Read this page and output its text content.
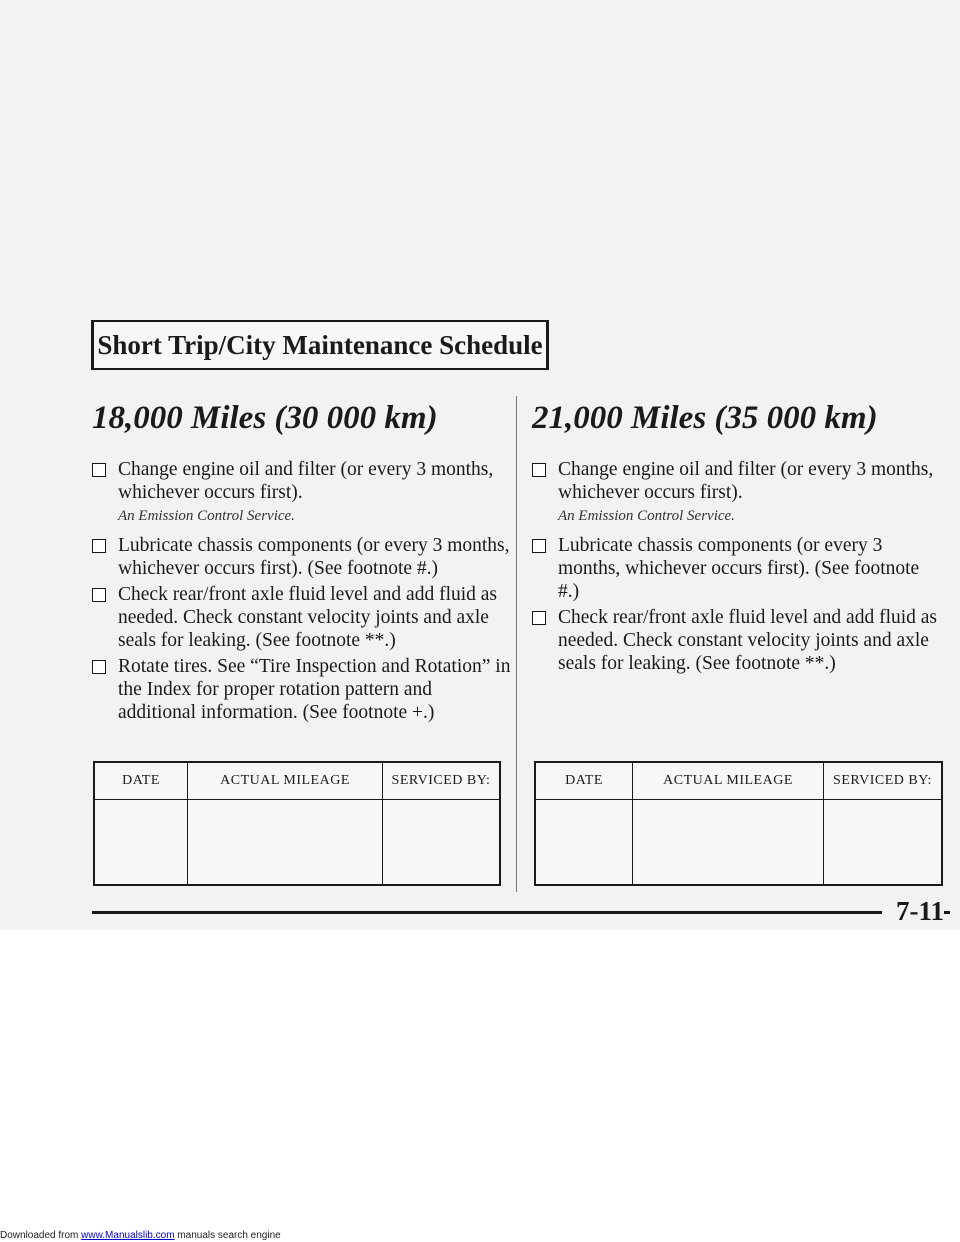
Short Trip/City Maintenance Schedule
18,000 Miles (30 000 km)
Change engine oil and filter (or every 3 months, whichever occurs first).
An Emission Control Service.
Lubricate chassis components (or every 3 months, whichever occurs first). (See footnote #.)
Check rear/front axle fluid level and add fluid as needed. Check constant velocity joints and axle seals for leaking. (See footnote **.)
Rotate tires. See “Tire Inspection and Rotation” in the Index for proper rotation pattern and additional information. (See footnote +.)
21,000 Miles (35 000 km)
Change engine oil and filter (or every 3 months, whichever occurs first).
An Emission Control Service.
Lubricate chassis components (or every 3 months, whichever occurs first). (See footnote #.)
Check rear/front axle fluid level and add fluid as needed. Check constant velocity joints and axle seals for leaking. (See footnote **.)
DATE	ACTUAL MILEAGE	SERVICED BY:
			DATE	ACTUAL MILEAGE	SERVICED BY:

7-11
Downloaded from www.Manualslib.com manuals search engine
